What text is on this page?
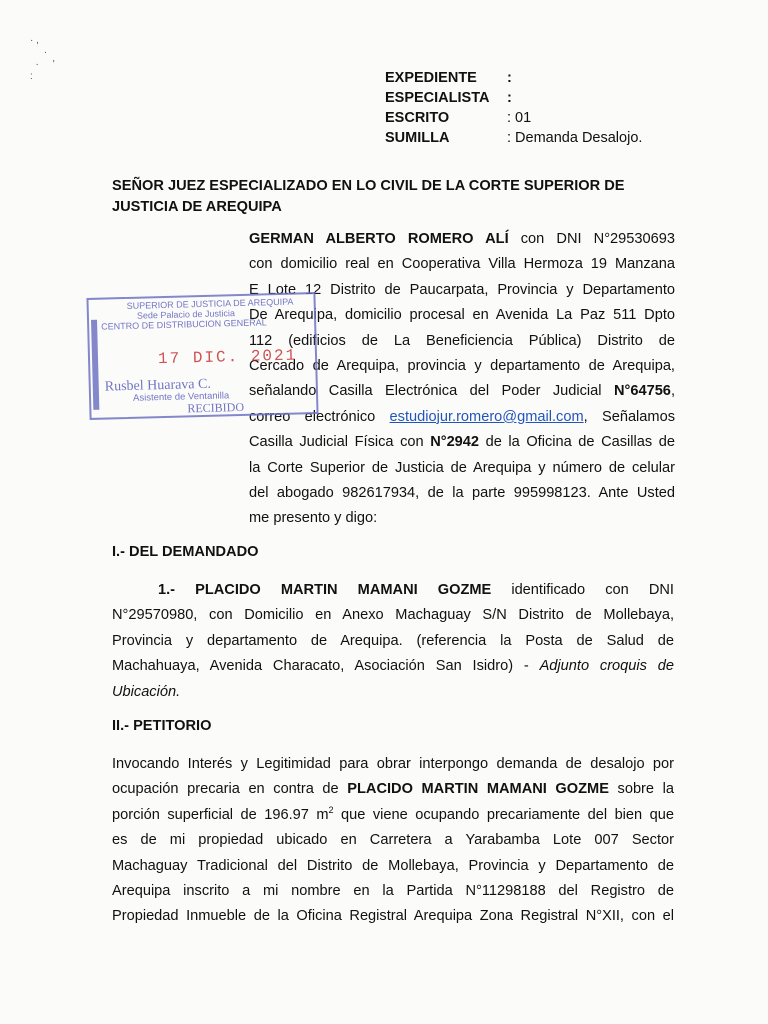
· ,
·
·     '
:	EXPEDIENTE	:
ESPECIALISTA	:
ESCRITO	: 01
SUMILLA	: Demanda Desalojo.
SEÑOR JUEZ ESPECIALIZADO EN LO CIVIL DE LA CORTE SUPERIOR DE
JUSTICIA DE AREQUIPA
GERMAN ALBERTO ROMERO ALÍ con DNI N°29530693
con domicilio real en Cooperativa Villa Hermoza 19 Manzana
E Lote 12 Distrito de Paucarpata, Provincia y Departamento
De Arequipa, domicilio procesal en Avenida La Paz 511 Dpto
112 (edificios de La Beneficiencia Pública) Distrito de
Cercado de Arequipa, provincia y departamento de Arequipa,
señalando Casilla Electrónica del Poder Judicial N°64756,
correo electrónico estudiojur.romero@gmail.com, Señalamos
Casilla Judicial Física con N°2942 de la Oficina de Casillas de
la Corte Superior de Justicia de Arequipa y número de celular
del abogado 982617934, de la parte 995998123. Ante Usted
me presento y digo:
I.- DEL DEMANDADO
1.- PLACIDO MARTIN MAMANI GOZME identificado con DNI
N°29570980, con Domicilio en Anexo Machaguay S/N Distrito de Mollebaya,
Provincia y departamento de Arequipa. (referencia la Posta de Salud de
Machahuaya, Avenida Characato, Asociación San Isidro) - Adjunto croquis de
Ubicación.
II.- PETITORIO
Invocando Interés y Legitimidad para obrar interpongo demanda de desalojo por
ocupación precaria en contra de PLACIDO MARTIN MAMANI GOZME sobre la
porción superficial de 196.97 $m^2$ que viene ocupando precariamente del bien que
es de mi propiedad ubicado en Carretera a Yarabamba Lote 007 Sector
Machaguay Tradicional del Distrito de Mollebaya, Provincia y Departamento de
Arequipa inscrito a mi nombre en la Partida N°11298188 del Registro de
Propiedad Inmueble de la Oficina Registral Arequipa Zona Registral N°XII, con el
SUPERIOR DE JUSTICIA DE AREQUIPA
Sede Palacio de Justicia
CENTRO DE DISTRIBUCION GENERAL
17 DIC. 2021
Rusbel Huarava C.
Asistente de Ventanilla
RECIBIDO
